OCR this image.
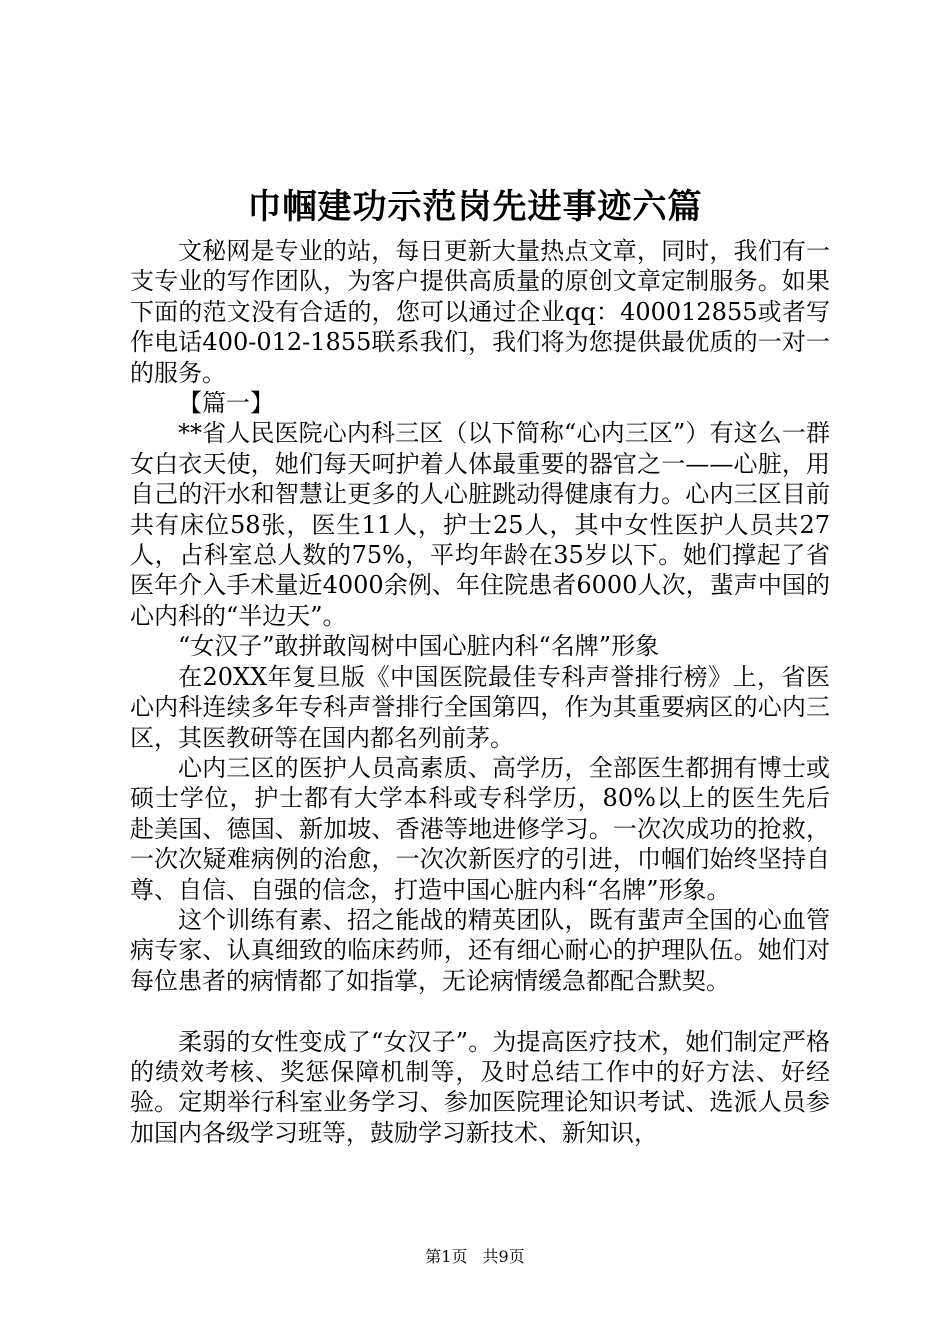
巾帼建功示范岗先进事迹六篇

文秘网是专业的站，每日更新大量热点文章，同时，我们有一支专业的写作团队，为客户提供高质量的原创文章定制服务。如果下面的范文没有合适的，您可以通过企业qq：400012855或者写作电话400-012-1855联系我们，我们将为您提供最优质的一对一的服务。

【篇一】

**省人民医院心内科三区（以下简称“心内三区”）有这么一群女白衣天使，她们每天呵护着人体最重要的器官之一——心脏，用自己的汗水和智慧让更多的人心脏跳动得健康有力。心内三区目前共有床位58张，医生11人，护士25人，其中女性医护人员共27人，占科室总人数的75%，平均年龄在35岁以下。她们撑起了省医年介入手术量近4000余例、年住院患者6000人次，蜚声中国的心内科的“半边天”。

“女汉子”敢拼敢闯树中国心脏内科“名牌”形象

在20XX年复旦版《中国医院最佳专科声誉排行榜》上，省医心内科连续多年专科声誉排行全国第四，作为其重要病区的心内三区，其医教研等在国内都名列前茅。

心内三区的医护人员高素质、高学历，全部医生都拥有博士或硕士学位，护士都有大学本科或专科学历，80%以上的医生先后赴美国、德国、新加坡、香港等地进修学习。一次次成功的抢救，一次次疑难病例的治愈，一次次新医疗的引进，巾帼们始终坚持自尊、自信、自强的信念，打造中国心脏内科“名牌”形象。

这个训练有素、招之能战的精英团队，既有蜚声全国的心血管病专家、认真细致的临床药师，还有细心耐心的护理队伍。她们对每位患者的病情都了如指掌，无论病情缓急都配合默契。

柔弱的女性变成了“女汉子”。为提高医疗技术，她们制定严格的绩效考核、奖惩保障机制等，及时总结工作中的好方法、好经验。定期举行科室业务学习、参加医院理论知识考试、选派人员参加国内各级学习班等，鼓励学习新技术、新知识，

第1页 共9页
